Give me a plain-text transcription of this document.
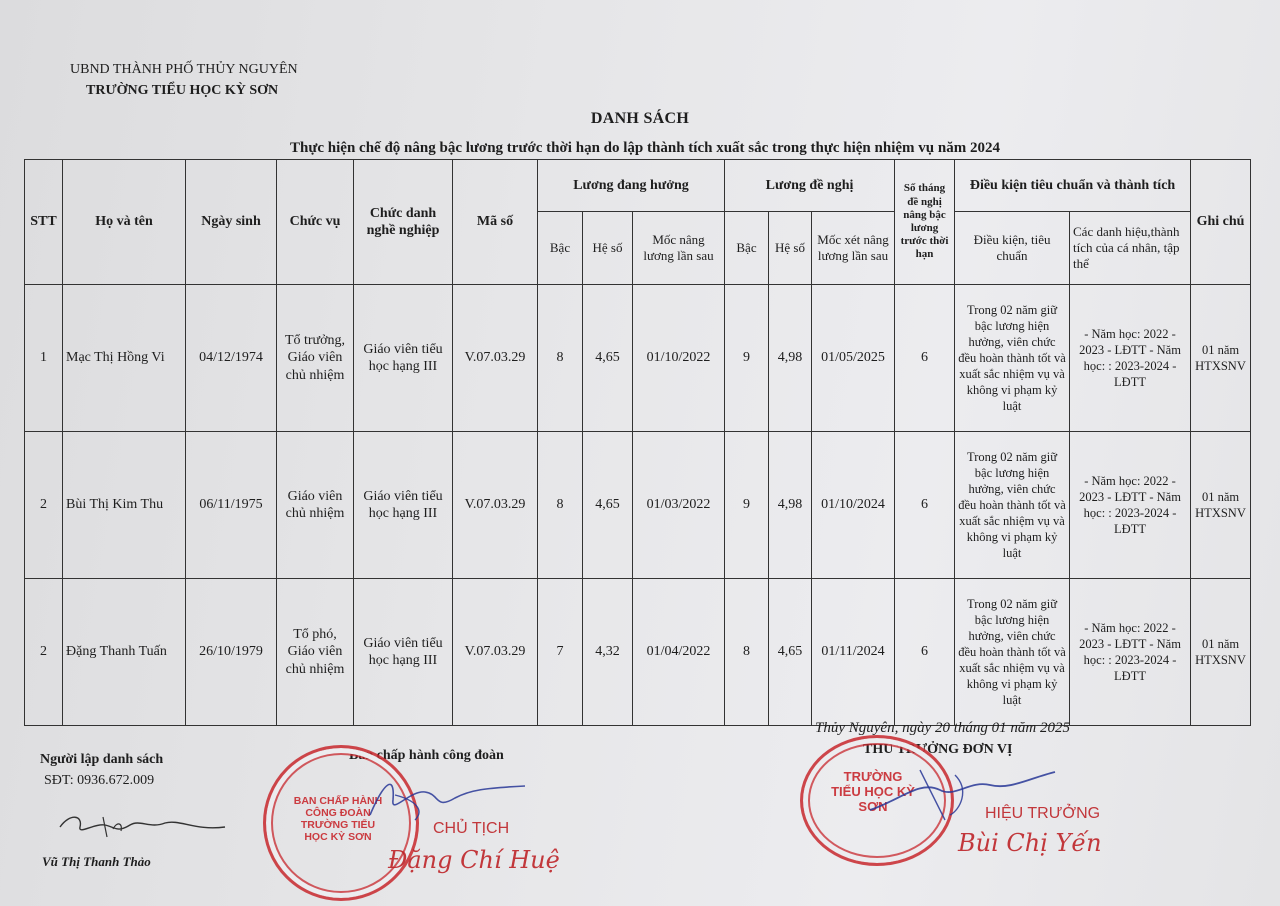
UBND THÀNH PHỐ THỦY NGUYÊN
TRƯỜNG TIỂU HỌC KỲ SƠN
DANH SÁCH
Thực hiện chế độ nâng bậc lương trước thời hạn do lập thành tích xuất sắc trong thực hiện nhiệm vụ năm 2024
STT	Họ và tên	Ngày sinh	Chức vụ	Chức danh nghề nghiệp	Mã số	Lương đang hưởng			Lương đề nghị			Số tháng đề nghị nâng bậc lương trước thời hạn	Điều kiện tiêu chuẩn và thành tích		Ghi chú
						Bậc	Hệ số	Mốc nâng lương lần sau	Bậc	Hệ số	Mốc xét nâng lương lần sau		Điều kiện, tiêu chuẩn	Các danh hiệu,thành tích của cá nhân, tập thể	
1	Mạc Thị Hồng Vi	04/12/1974	Tổ trưởng, Giáo viên chủ nhiệm	Giáo viên tiểu học hạng III	V.07.03.29	8	4,65	01/10/2022	9	4,98	01/05/2025	6	Trong 02 năm giữ bậc lương hiện hưởng, viên chức đều hoàn thành tốt và xuất sắc nhiệm vụ và không vi phạm kỷ luật	- Năm học: 2022 - 2023 - LĐTT - Năm học: : 2023-2024 - LĐTT	01 năm HTXSNV
2	Bùi Thị Kim Thu	06/11/1975	Giáo viên chủ nhiệm	Giáo viên tiểu học hạng III	V.07.03.29	8	4,65	01/03/2022	9	4,98	01/10/2024	6	Trong 02 năm giữ bậc lương hiện hưởng, viên chức đều hoàn thành tốt và xuất sắc nhiệm vụ và không vi phạm kỷ luật	- Năm học: 2022 - 2023 - LĐTT - Năm học: : 2023-2024 - LĐTT	01 năm HTXSNV
2	Đặng Thanh Tuấn	26/10/1979	Tổ phó, Giáo viên chủ nhiệm	Giáo viên tiểu học hạng III	V.07.03.29	7	4,32	01/04/2022	8	4,65	01/11/2024	6	Trong 02 năm giữ bậc lương hiện hưởng, viên chức đều hoàn thành tốt và xuất sắc nhiệm vụ và không vi phạm kỷ luật	- Năm học: 2022 - 2023 - LĐTT - Năm học: : 2023-2024 - LĐTT	01 năm HTXSNV
Thủy Nguyên, ngày 20 tháng 01 năm 2025
Người lập danh sách
SĐT: 0936.672.009
Vũ Thị Thanh Thảo
Ban chấp hành công đoàn
BAN CHẤP HÀNH CÔNG ĐOÀN TRƯỜNG TIỂU HỌC KỲ SƠN
CHỦ TỊCH
Đặng Chí Huệ
THỦ TRƯỞNG ĐƠN VỊ
TRƯỜNG TIỂU HỌC KỲ SƠN	HIỆU TRƯỞNG
Bùi Chị Yến
